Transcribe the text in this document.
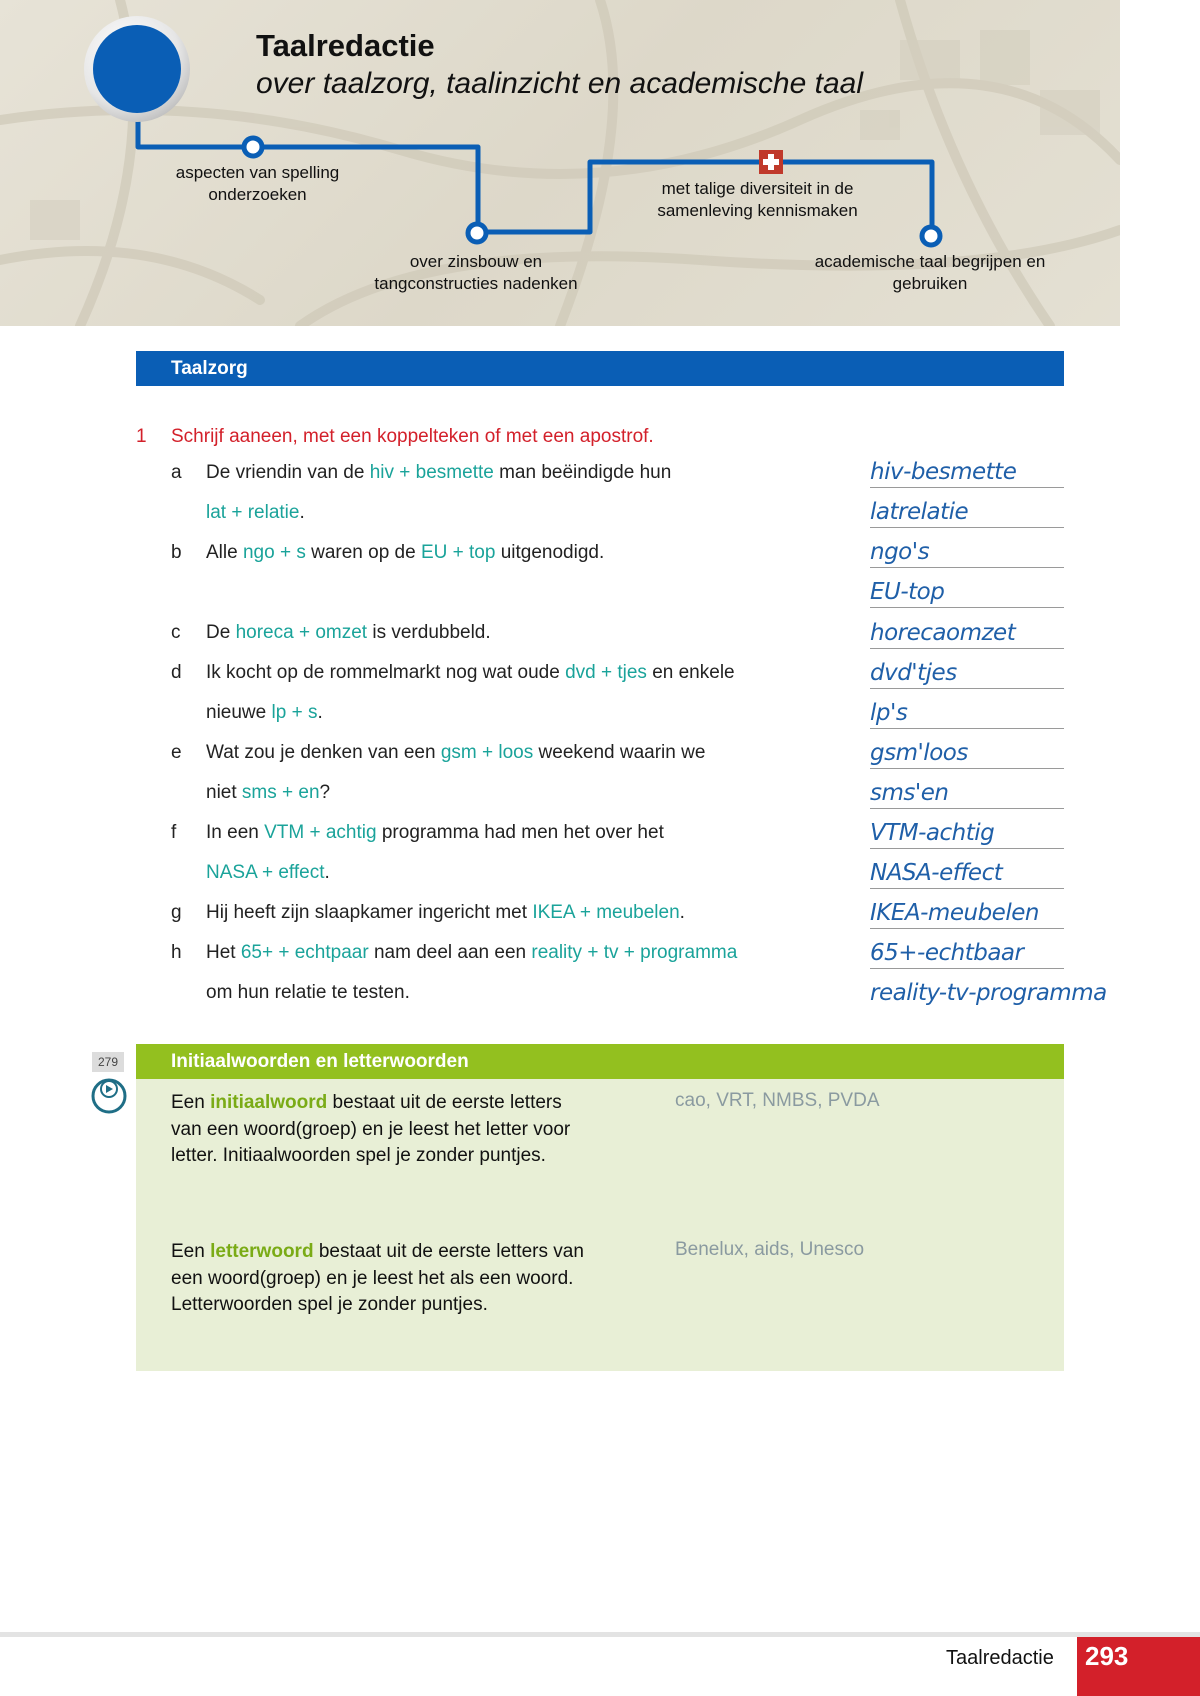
Taalredactie
over taalzorg, taalinzicht en academische taal
aspecten van spelling onderzoeken
over zinsbouw en tangconstructies nadenken
met talige diversiteit in de samenleving kennismaken
academische taal begrijpen en gebruiken
Taalzorg
1 Schrijf aaneen, met een koppelteken of met een apostrof.
a De vriendin van de hiv + besmette man beëindigde hun
lat + relatie.
b Alle ngo + s waren op de EU + top uitgenodigd.
c De horeca + omzet is verdubbeld.
d Ik kocht op de rommelmarkt nog wat oude dvd + tjes en enkele
nieuwe lp + s.
e Wat zou je denken van een gsm + loos weekend waarin we
niet sms + en?
f In een VTM + achtig programma had men het over het
NASA + effect.
g Hij heeft zijn slaapkamer ingericht met IKEA + meubelen.
h Het 65+ + echtpaar nam deel aan een reality + tv + programma
om hun relatie te testen.
hiv-besmette
latrelatie
ngo's
EU-top
horecaomzet
dvd'tjes
lp's
gsm'loos
sms'en
VTM-achtig
NASA-effect
IKEA-meubelen
65+-echtbaar
reality-tv-programma
279	Initiaalwoorden en letterwoorden
Een initiaalwoord bestaat uit de eerste letters van een woord(groep) en je leest het letter voor letter. Initiaalwoorden spel je zonder puntjes.
cao, VRT, NMBS, PVDA
Een letterwoord bestaat uit de eerste letters van een woord(groep) en je leest het als een woord. Letterwoorden spel je zonder puntjes.
Benelux, aids, Unesco
Taalredactie	293
